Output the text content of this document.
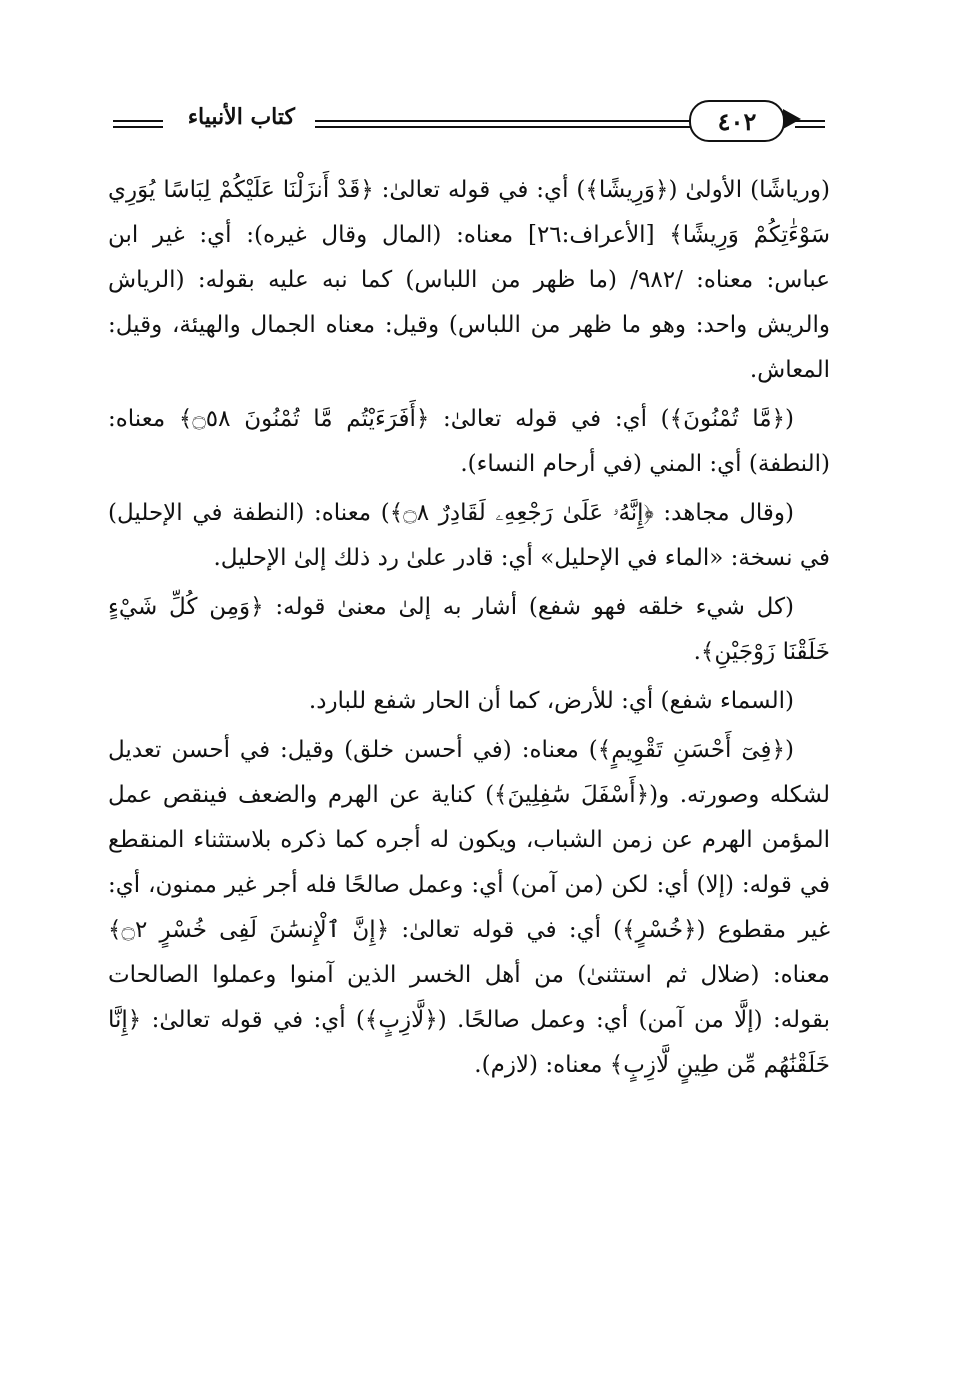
كتاب الأنبياء	٤٠٢

(ورياشًا) الأولىٰ (﴿وَرِيشًا﴾) أي: في قوله تعالىٰ: ﴿قَدْ أَنزَلْنَا عَلَيْكُمْ لِبَاسًا يُوَرِي سَوْءَٰتِكُمْ وَرِيشًا﴾ [الأعراف:٢٦] معناه: (المال وقال غيره): أي: غير ابن عباس: معناه: /٩٨٢/ (ما ظهر من اللباس) كما نبه عليه بقوله: (الرياش والريش واحد: وهو ما ظهر من اللباس) وقيل: معناه الجمال والهيئة، وقيل: المعاش.

(﴿مَّا تُمْنُونَ﴾) أي: في قوله تعالىٰ: ﴿أَفَرَءَيْتُم مَّا تُمْنُونَ ۝٥٨﴾ معناه: (النطفة) أي: المني (في أرحام النساء).

(وقال مجاهد: ﴿إِنَّهُۥ عَلَىٰ رَجْعِهِۦ لَقَادِرٌ ۝٨﴾) معناه: (النطفة في الإحليل) في نسخة: «الماء في الإحليل» أي: قادر علىٰ رد ذلك إلىٰ الإحليل.

(كل شيء خلقه فهو شفع) أشار به إلىٰ معنىٰ قوله: ﴿وَمِن كُلِّ شَيْءٍ خَلَقْنَا زَوْجَيْنِ﴾.

(السماء شفع) أي: للأرض، كما أن الحار شفع للبارد.

(﴿فِىٓ أَحْسَنِ تَقْوِيمٍ﴾) معناه: (في أحسن خلق) وقيل: في أحسن تعديل لشكله وصورته. و(﴿أَسْفَلَ سَٰفِلِينَ﴾) كناية عن الهرم والضعف فينقص عمل المؤمن الهرم عن زمن الشباب، ويكون له أجره كما ذكره بلاستثناء المنقطع في قوله: (إلا) أي: لكن (من آمن) أي: وعمل صالحًا فله أجر غير ممنون، أي: غير مقطوع (﴿خُسْرٍ﴾) أي: في قوله تعالىٰ: ﴿إِنَّ ٱلْإِنسَٰنَ لَفِى خُسْرٍ ۝٢﴾ معناه: (ضلال ثم استثنىٰ) من أهل الخسر الذين آمنوا وعملوا الصالحات بقوله: (إلَّا من آمن) أي: وعمل صالحًا. (﴿لَّازِبٍ﴾) أي: في قوله تعالىٰ: ﴿إِنَّا خَلَقْنَٰهُم مِّن طِينٍ لَّازِبٍ﴾ معناه: (لازم).
